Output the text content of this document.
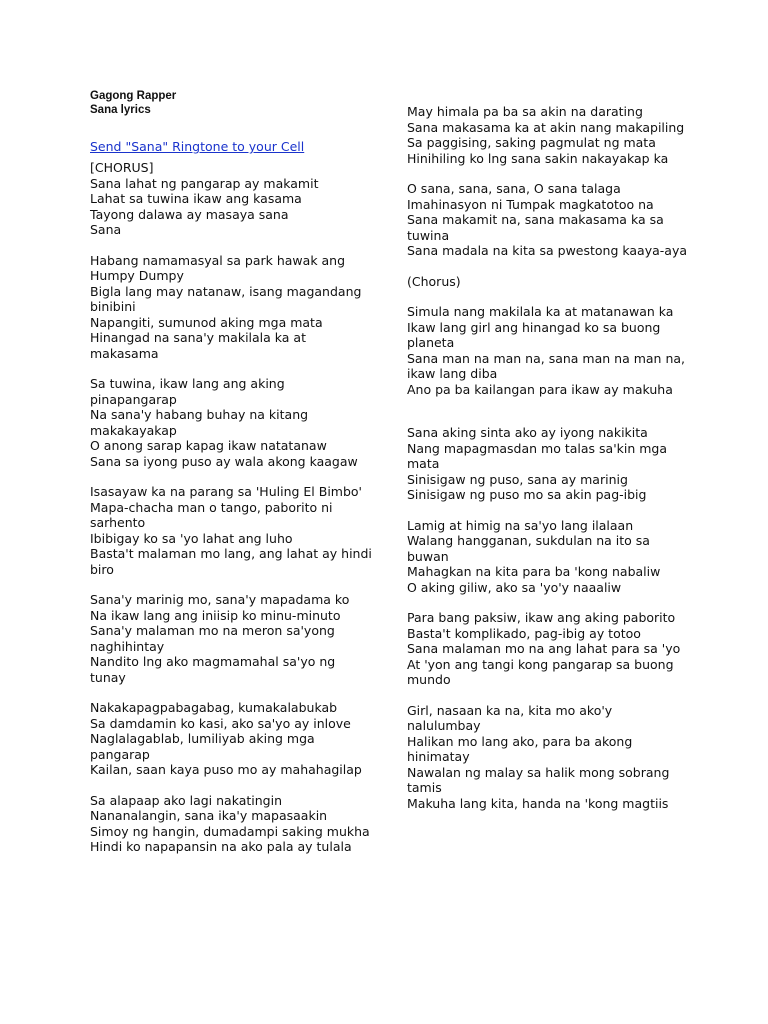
Gagong Rapper

Sana lyrics

Send "Sana" Ringtone to your Cell
[CHORUS]
Sana lahat ng pangarap ay makamit
Lahat sa tuwina ikaw ang kasama
Tayong dalawa ay masaya sana
Sana
Habang namamasyal sa park hawak ang Humpy Dumpy
Bigla lang may natanaw, isang magandang binibini
Napangiti, sumunod aking mga mata
Hinangad na sana'y makilala ka at makasama
Sa tuwina, ikaw lang ang aking pinapangarap
Na sana'y habang buhay na kitang makakayakap
O anong sarap kapag ikaw natatanaw
Sana sa iyong puso ay wala akong kaagaw
Isasayaw ka na parang sa 'Huling El Bimbo'
Mapa-chacha man o tango, paborito ni sarhento
Ibibigay ko sa 'yo lahat ang luho
Basta't malaman mo lang, ang lahat ay hindi biro
Sana'y marinig mo, sana'y mapadama ko
Na ikaw lang ang iniisip ko minu-minuto
Sana'y malaman mo na meron sa'yong naghihintay
Nandito lng ako magmamahal sa'yo ng tunay
Nakakapagpabagabag, kumakalabukab
Sa damdamin ko kasi, ako sa'yo ay inlove
Naglalagablab, lumiliyab aking mga pangarap
Kailan, saan kaya puso mo ay mahahagilap
Sa alapaap ako lagi nakatingin
Nananalangin, sana ika'y mapasaakin
Simoy ng hangin, dumadampi saking mukha
Hindi ko napapansin na ako pala ay tulala
May himala pa ba sa akin na darating
Sana makasama ka at akin nang makapiling
Sa paggising, saking pagmulat ng mata
Hinihiling ko lng sana sakin nakayakap ka
O sana, sana, sana, O sana talaga
Imahinasyon ni Tumpak magkatotoo na
Sana makamit na, sana makasama ka sa tuwina
Sana madala na kita sa pwestong kaaya-aya
(Chorus)
Simula nang makilala ka at matanawan ka
Ikaw lang girl ang hinangad ko sa buong planeta
Sana man na man na, sana man na man na, ikaw lang diba
Ano pa ba kailangan para ikaw ay makuha
Sana aking sinta ako ay iyong nakikita
Nang mapagmasdan mo talas sa'kin mga mata
Sinisigaw ng puso, sana ay marinig
Sinisigaw ng puso mo sa akin pag-ibig
Lamig at himig na sa'yo lang ilalaan
Walang hangganan, sukdulan na ito sa buwan
Mahagkan na kita para ba 'kong nabaliw
O aking giliw, ako sa 'yo'y naaaliw
Para bang paksiw, ikaw ang aking paborito
Basta't komplikado, pag-ibig ay totoo
Sana malaman mo na ang lahat para sa 'yo
At 'yon ang tangi kong pangarap sa buong mundo
Girl, nasaan ka na, kita mo ako'y nalulumbay
Halikan mo lang ako, para ba akong hinimatay
Nawalan ng malay sa halik mong sobrang tamis
Makuha lang kita, handa na 'kong magtiis
